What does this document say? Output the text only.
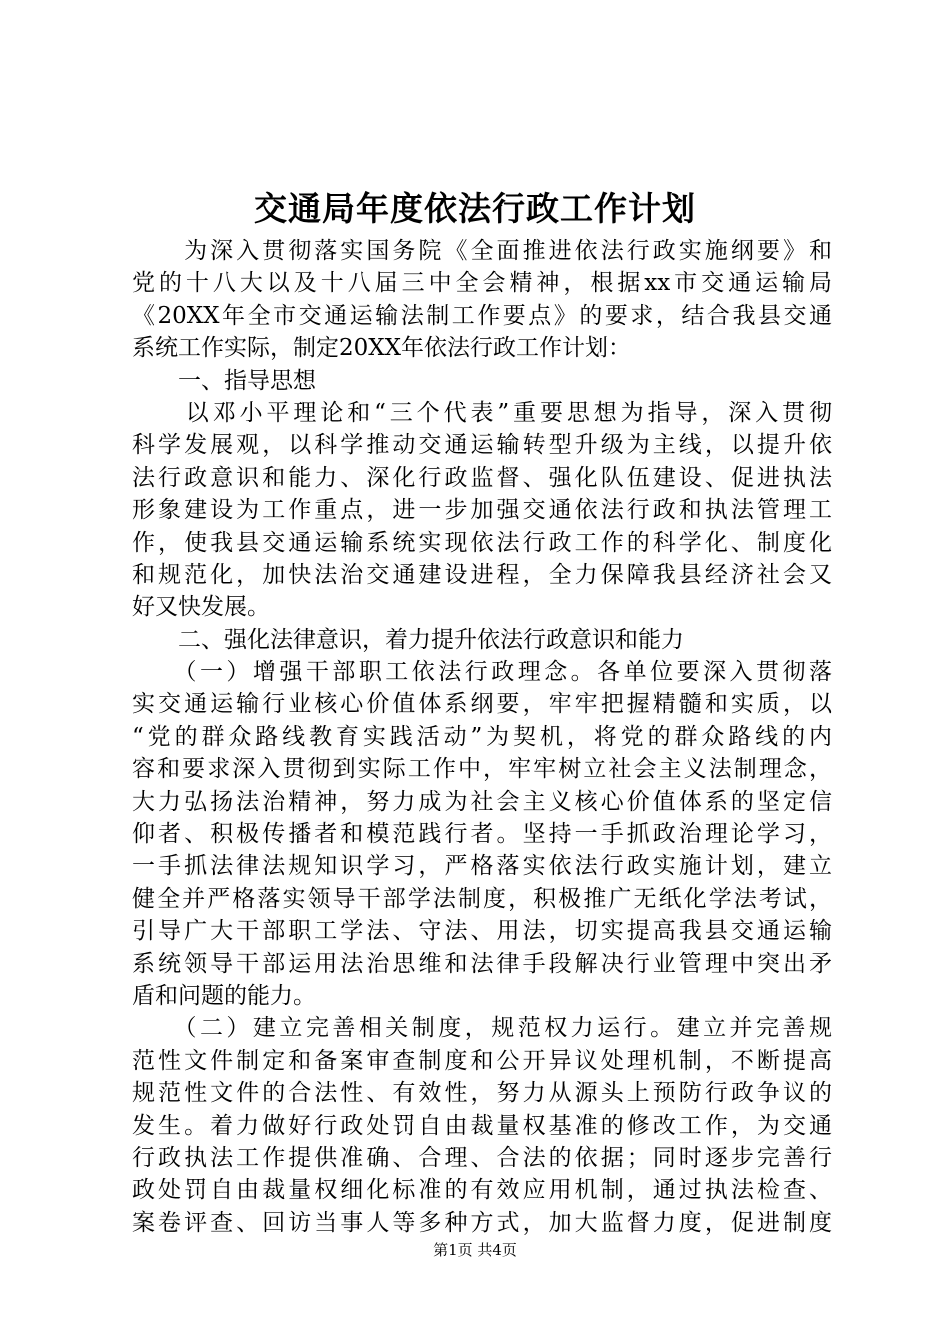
交通局年度依法行政工作计划
　　为深入贯彻落实国务院《全面推进依法行政实施纲要》和
党的十八大以及十八届三中全会精神，根据xx市交通运输局
《20XX年全市交通运输法制工作要点》的要求，结合我县交通
系统工作实际，制定20XX年依法行政工作计划：
　　一、指导思想
　　以邓小平理论和“三个代表”重要思想为指导，深入贯彻
科学发展观，以科学推动交通运输转型升级为主线，以提升依
法行政意识和能力、深化行政监督、强化队伍建设、促进执法
形象建设为工作重点，进一步加强交通依法行政和执法管理工
作，使我县交通运输系统实现依法行政工作的科学化、制度化
和规范化，加快法治交通建设进程，全力保障我县经济社会又
好又快发展。
　　二、强化法律意识，着力提升依法行政意识和能力
　　（一）增强干部职工依法行政理念。各单位要深入贯彻落
实交通运输行业核心价值体系纲要，牢牢把握精髓和实质，以
“党的群众路线教育实践活动”为契机，将党的群众路线的内
容和要求深入贯彻到实际工作中，牢牢树立社会主义法制理念，
大力弘扬法治精神，努力成为社会主义核心价值体系的坚定信
仰者、积极传播者和模范践行者。坚持一手抓政治理论学习，
一手抓法律法规知识学习，严格落实依法行政实施计划，建立
健全并严格落实领导干部学法制度，积极推广无纸化学法考试，
引导广大干部职工学法、守法、用法，切实提高我县交通运输
系统领导干部运用法治思维和法律手段解决行业管理中突出矛
盾和问题的能力。
　　（二）建立完善相关制度，规范权力运行。建立并完善规
范性文件制定和备案审查制度和公开异议处理机制，不断提高
规范性文件的合法性、有效性，努力从源头上预防行政争议的
发生。着力做好行政处罚自由裁量权基准的修改工作，为交通
行政执法工作提供准确、合理、合法的依据；同时逐步完善行
政处罚自由裁量权细化标准的有效应用机制，通过执法检查、
案卷评查、回访当事人等多种方式，加大监督力度，促进制度
第1页 共4页
